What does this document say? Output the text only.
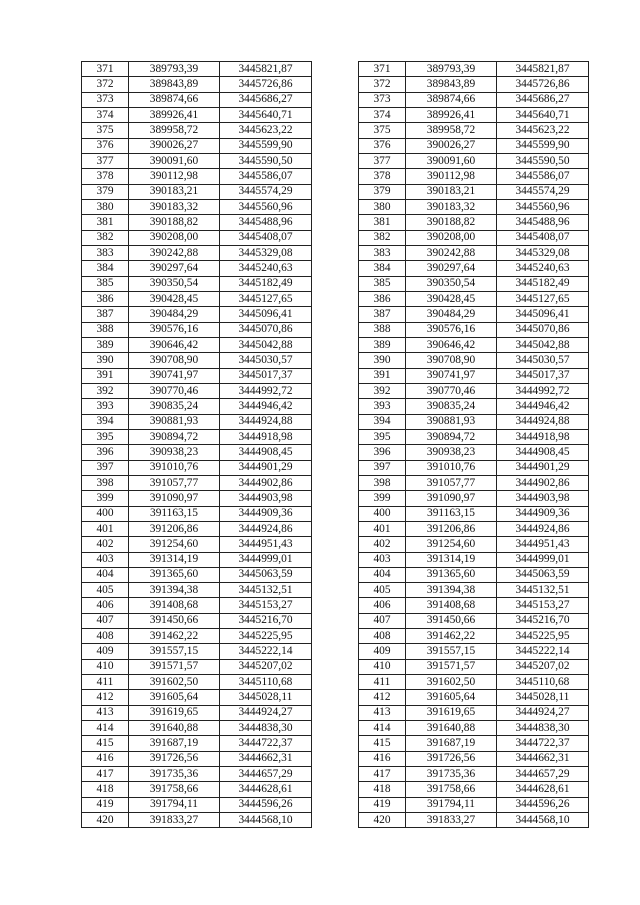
371	389793,39	3445821,87
372	389843,89	3445726,86
373	389874,66	3445686,27
374	389926,41	3445640,71
375	389958,72	3445623,22
376	390026,27	3445599,90
377	390091,60	3445590,50
378	390112,98	3445586,07
379	390183,21	3445574,29
380	390183,32	3445560,96
381	390188,82	3445488,96
382	390208,00	3445408,07
383	390242,88	3445329,08
384	390297,64	3445240,63
385	390350,54	3445182,49
386	390428,45	3445127,65
387	390484,29	3445096,41
388	390576,16	3445070,86
389	390646,42	3445042,88
390	390708,90	3445030,57
391	390741,97	3445017,37
392	390770,46	3444992,72
393	390835,24	3444946,42
394	390881,93	3444924,88
395	390894,72	3444918,98
396	390938,23	3444908,45
397	391010,76	3444901,29
398	391057,77	3444902,86
399	391090,97	3444903,98
400	391163,15	3444909,36
401	391206,86	3444924,86
402	391254,60	3444951,43
403	391314,19	3444999,01
404	391365,60	3445063,59
405	391394,38	3445132,51
406	391408,68	3445153,27
407	391450,66	3445216,70
408	391462,22	3445225,95
409	391557,15	3445222,14
410	391571,57	3445207,02
411	391602,50	3445110,68
412	391605,64	3445028,11
413	391619,65	3444924,27
414	391640,88	3444838,30
415	391687,19	3444722,37
416	391726,56	3444662,31
417	391735,36	3444657,29
418	391758,66	3444628,61
419	391794,11	3444596,26
420	391833,27	3444568,10
371	389793,39	3445821,87
372	389843,89	3445726,86
373	389874,66	3445686,27
374	389926,41	3445640,71
375	389958,72	3445623,22
376	390026,27	3445599,90
377	390091,60	3445590,50
378	390112,98	3445586,07
379	390183,21	3445574,29
380	390183,32	3445560,96
381	390188,82	3445488,96
382	390208,00	3445408,07
383	390242,88	3445329,08
384	390297,64	3445240,63
385	390350,54	3445182,49
386	390428,45	3445127,65
387	390484,29	3445096,41
388	390576,16	3445070,86
389	390646,42	3445042,88
390	390708,90	3445030,57
391	390741,97	3445017,37
392	390770,46	3444992,72
393	390835,24	3444946,42
394	390881,93	3444924,88
395	390894,72	3444918,98
396	390938,23	3444908,45
397	391010,76	3444901,29
398	391057,77	3444902,86
399	391090,97	3444903,98
400	391163,15	3444909,36
401	391206,86	3444924,86
402	391254,60	3444951,43
403	391314,19	3444999,01
404	391365,60	3445063,59
405	391394,38	3445132,51
406	391408,68	3445153,27
407	391450,66	3445216,70
408	391462,22	3445225,95
409	391557,15	3445222,14
410	391571,57	3445207,02
411	391602,50	3445110,68
412	391605,64	3445028,11
413	391619,65	3444924,27
414	391640,88	3444838,30
415	391687,19	3444722,37
416	391726,56	3444662,31
417	391735,36	3444657,29
418	391758,66	3444628,61
419	391794,11	3444596,26
420	391833,27	3444568,10
